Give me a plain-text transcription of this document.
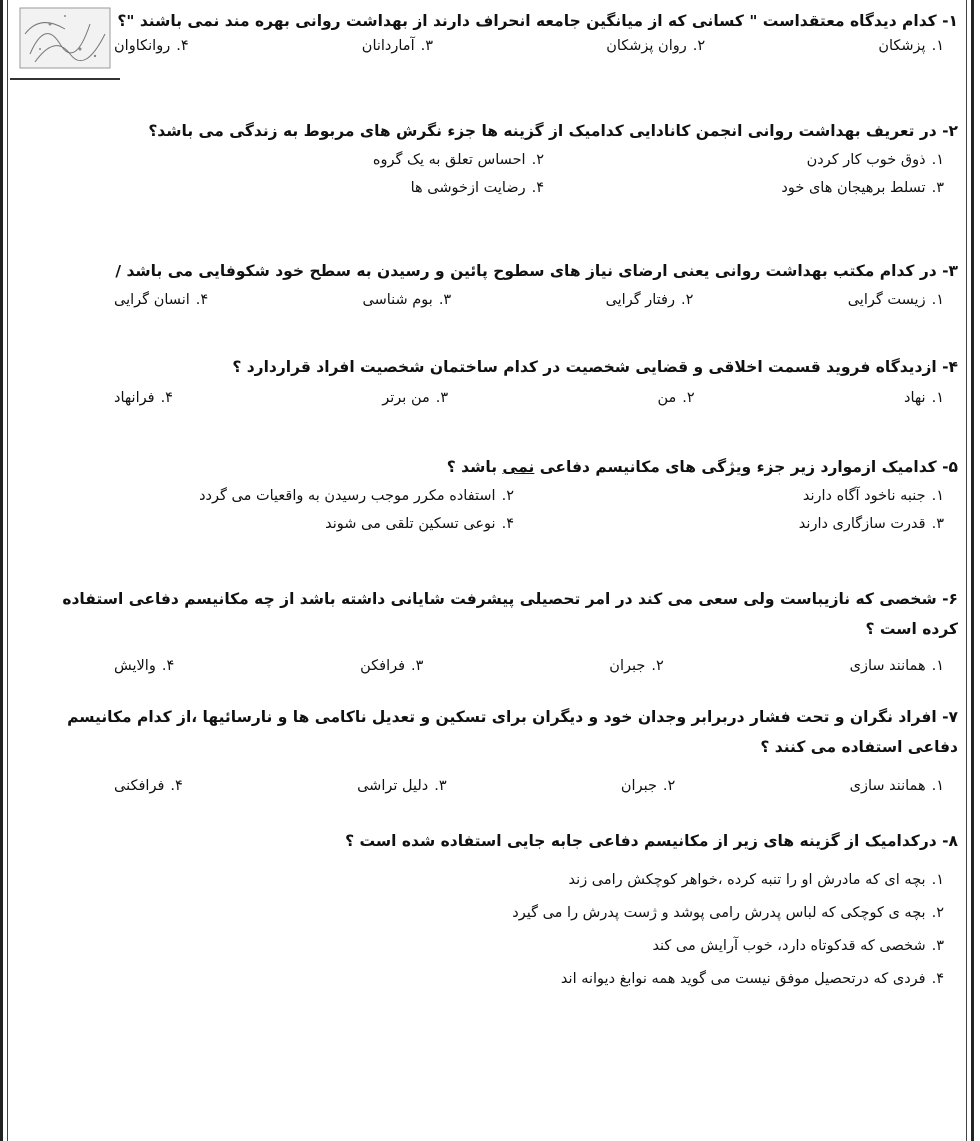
۱- کدام دیدگاه معتقداست " کسانی که از میانگین جامعه انحراف دارند از بهداشت روانی بهره مند نمی باشند "؟
۱.پزشکان
۲.روان پزشکان
۳.آماردانان
۴.روانکاوان
۲- در تعریف بهداشت روانی انجمن کانادایی کدامیک از گزینه ها جزء نگرش های مربوط به زندگی می باشد؟
۱.ذوق خوب کار کردن
۲.احساس تعلق به یک گروه
۳.تسلط برهیجان های خود
۴.رضایت ازخوشی ها
۳- در کدام مکتب بهداشت روانی یعنی ارضای نیاز های سطوح پائین و رسیدن به سطح خود شکوفایی می باشد /
۱.زیست گرایی
۲.رفتار گرایی
۳.بوم شناسی
۴.انسان گرایی
۴- ازدیدگاه فروید قسمت اخلاقی و قضایی شخصیت در کدام ساختمان شخصیت افراد قراردارد ؟
۱.نهاد
۲.من
۳.من برتر
۴.فرانهاد
۵- کدامیک ازموارد زیر جزء ویژگی های مکانیسم دفاعی نمی باشد ؟
۱.جنبه ناخود آگاه دارند
۲.استفاده مکرر موجب رسیدن به واقعیات می گردد
۳.قدرت سازگاری دارند
۴.نوعی تسکین تلقی می شوند
۶- شخصی که نازیباست ولی سعی می کند در امر تحصیلی پیشرفت شایانی داشته باشد از چه مکانیسم دفاعی استفاده کرده است ؟
۱.همانند سازی
۲.جبران
۳.فرافکن
۴.والایش
۷- افراد نگران و تحت فشار دربرابر وجدان خود و دیگران برای تسکین و تعدیل ناکامی ها و نارسائیها ،از کدام مکانیسم دفاعی استفاده می کنند ؟
۱.همانند سازی
۲.جبران
۳.دلیل تراشی
۴.فرافکنی
۸- درکدامیک از گزینه های زیر از مکانیسم دفاعی جابه جایی استفاده شده است ؟
۱.بچه ای که مادرش او را تنبه کرده ،خواهر کوچکش رامی زند
۲.بچه ی کوچکی که لباس پدرش رامی پوشد و ژست پدرش را می گیرد
۳.شخصی که قدکوتاه دارد، خوب آرایش می کند
۴.فردی که درتحصیل موفق نیست می گوید همه نوابغ دیوانه اند
